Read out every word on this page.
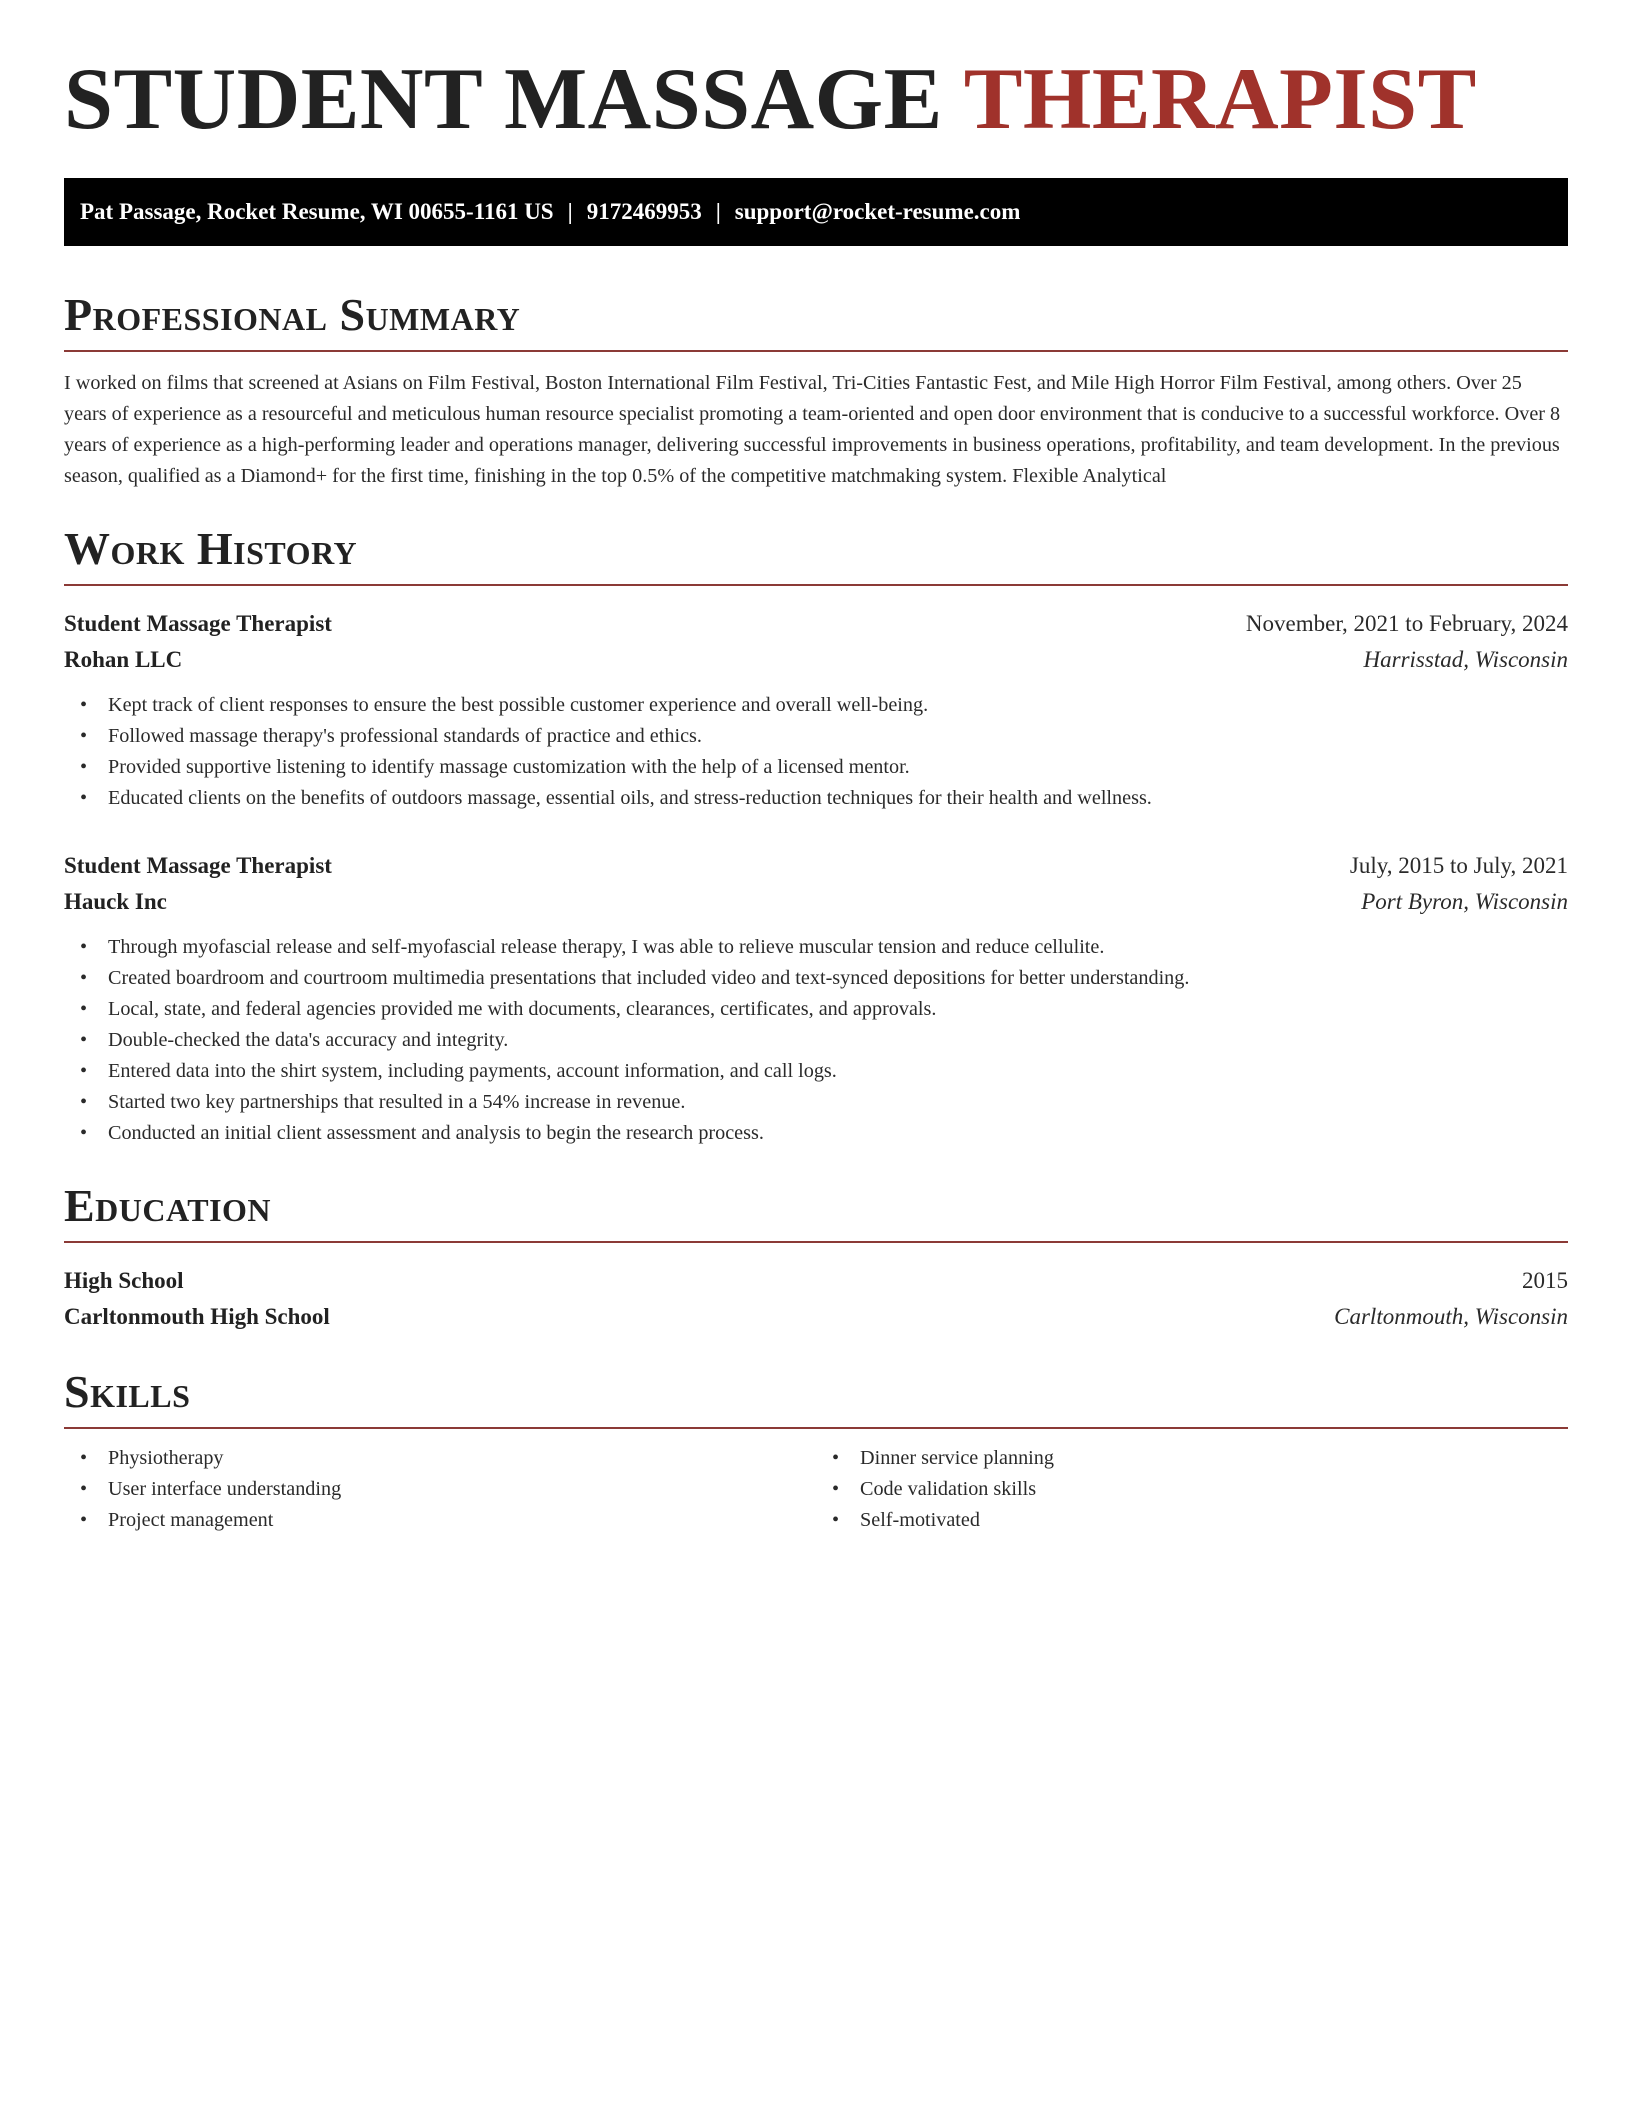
STUDENT MASSAGE THERAPIST
Pat Passage, Rocket Resume, WI 00655-1161 US | 9172469953 | support@rocket-resume.com
Professional Summary

I worked on films that screened at Asians on Film Festival, Boston International Film Festival, Tri-Cities Fantastic Fest, and Mile High Horror Film Festival, among others. Over 25 years of experience as a resourceful and meticulous human resource specialist promoting a team-oriented and open door environment that is conducive to a successful workforce. Over 8 years of experience as a high-performing leader and operations manager, delivering successful improvements in business operations, profitability, and team development. In the previous season, qualified as a Diamond+ for the first time, finishing in the top 0.5% of the competitive matchmaking system. Flexible Analytical

Work History
Student Massage Therapist	November, 2021 to February, 2024
Rohan LLC	Harrisstad, Wisconsin
• Kept track of client responses to ensure the best possible customer experience and overall well-being.
• Followed massage therapy's professional standards of practice and ethics.
• Provided supportive listening to identify massage customization with the help of a licensed mentor.
• Educated clients on the benefits of outdoors massage, essential oils, and stress-reduction techniques for their health and wellness.
Student Massage Therapist	July, 2015 to July, 2021
Hauck Inc	Port Byron, Wisconsin
• Through myofascial release and self-myofascial release therapy, I was able to relieve muscular tension and reduce cellulite.
• Created boardroom and courtroom multimedia presentations that included video and text-synced depositions for better understanding.
• Local, state, and federal agencies provided me with documents, clearances, certificates, and approvals.
• Double-checked the data's accuracy and integrity.
• Entered data into the shirt system, including payments, account information, and call logs.
• Started two key partnerships that resulted in a 54% increase in revenue.
• Conducted an initial client assessment and analysis to begin the research process.
Education
High School	2015
Carltonmouth High School	Carltonmouth, Wisconsin
Skills
• Physiotherapy
• User interface understanding
• Project management
• Dinner service planning
• Code validation skills
• Self-motivated
